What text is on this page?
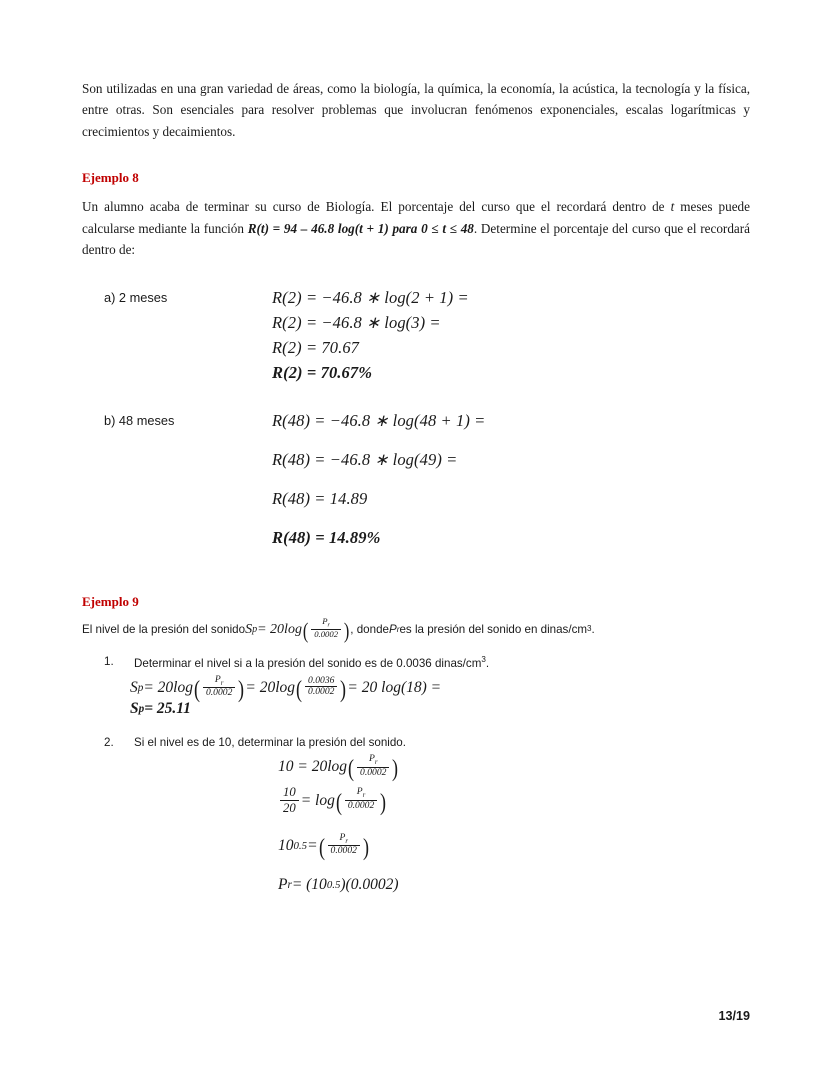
Son utilizadas en una gran variedad de áreas, como la biología, la química, la economía, la acústica, la tecnología y la física, entre otras. Son esenciales para resolver problemas que involucran fenómenos exponenciales, escalas logarítmicas y crecimientos y decaimientos.

Ejemplo 8
Un alumno acaba de terminar su curso de Biología. El porcentaje del curso que el recordará dentro de t meses puede calcularse mediante la función R(t) = 94 – 46.8 log(t + 1) para 0 ≤ t ≤ 48. Determine el porcentaje del curso que el recordará dentro de:
a) 2 meses	R(2) = −46.8 ∗ log(2 + 1) =
R(2) = −46.8 ∗ log(3) =
R(2) = 70.67
R(2) = 70.67%
b) 48 meses	R(48) = −46.8 ∗ log(48 + 1) =
R(48) = −46.8 ∗ log(49) =
R(48) = 14.89
R(48) = 14.89%
Ejemplo 9
El nivel de la presión del sonido S p = 20log ( $\frac{P_r}{0.0002}$ ) , donde P r es la presión del sonido en dinas/cm 3 .
1.	Determinar el nivel si a la presión del sonido es de 0.0036 dinas/$cm^3$.
S p = 20log ( $\frac{P_r}{0.0002}$ ) = 20log ( $\frac{0.0036}{0.0002}$ ) = 20 log(18) =
S p = 25.11
2.	Si el nivel es de 10, determinar la presión del sonido.
10 = 20log ( $\frac{P_r}{0.0002}$ )
$\frac{10}{20} = \log$ ( $\frac{P_r}{0.0002}$ )
10 0.5 = ( $\frac{P_r}{0.0002}$ )
P r = (10 0.5 )(0.0002)
13/19
